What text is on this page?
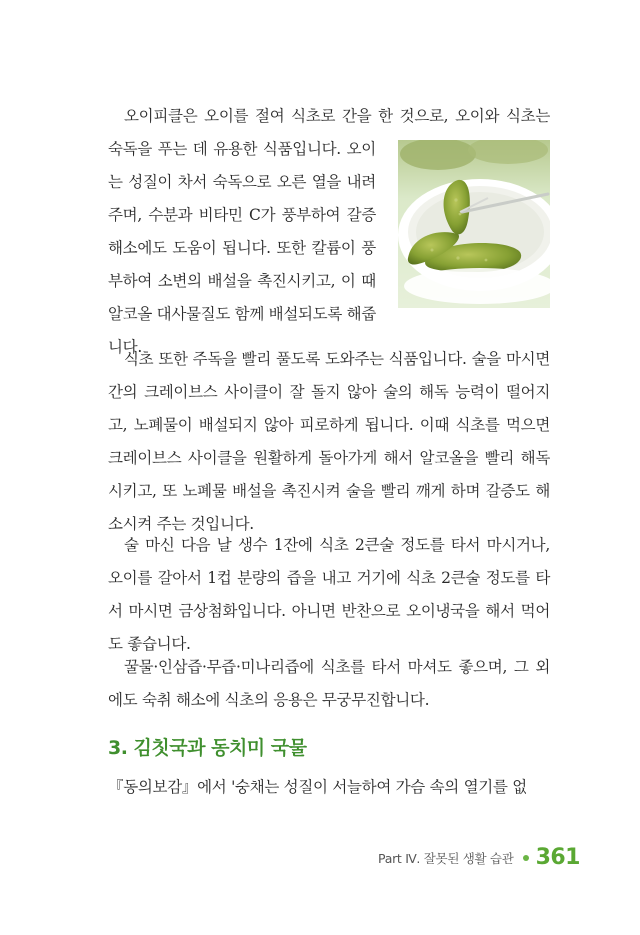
오이피클은 오이를 절여 식초로 간을 한 것으로, 오이와 식초는
숙독을 푸는 데 유용한 식품입니다. 오이는 성질이 차서 숙독으로 오른 열을 내려주며, 수분과 비타민 C가 풍부하여 갈증 해소에도 도움이 됩니다. 또한 칼륨이 풍부하여 소변의 배설을 촉진시키고, 이 때 알코올 대사물질도 함께 배설되도록 해줍니다.

식초 또한 주독을 빨리 풀도록 도와주는 식품입니다. 술을 마시면 간의 크레이브스 사이클이 잘 돌지 않아 술의 해독 능력이 떨어지고, 노폐물이 배설되지 않아 피로하게 됩니다. 이때 식초를 먹으면 크레이브스 사이클을 원활하게 돌아가게 해서 알코올을 빨리 해독시키고, 또 노폐물 배설을 촉진시켜 술을 빨리 깨게 하며 갈증도 해소시켜 주는 것입니다.

술 마신 다음 날 생수 1잔에 식초 2큰술 정도를 타서 마시거나, 오이를 갈아서 1컵 분량의 즙을 내고 거기에 식초 2큰술 정도를 타서 마시면 금상첨화입니다. 아니면 반찬으로 오이냉국을 해서 먹어도 좋습니다.

꿀물·인삼즙·무즙·미나리즙에 식초를 타서 마셔도 좋으며, 그 외에도 숙취 해소에 식초의 응용은 무궁무진합니다.

3. 김칫국과 동치미 국물

『동의보감』에서 '숭채는 성질이 서늘하여 가슴 속의 열기를 없

Part Ⅳ. 잘못된 생활 습관 361
